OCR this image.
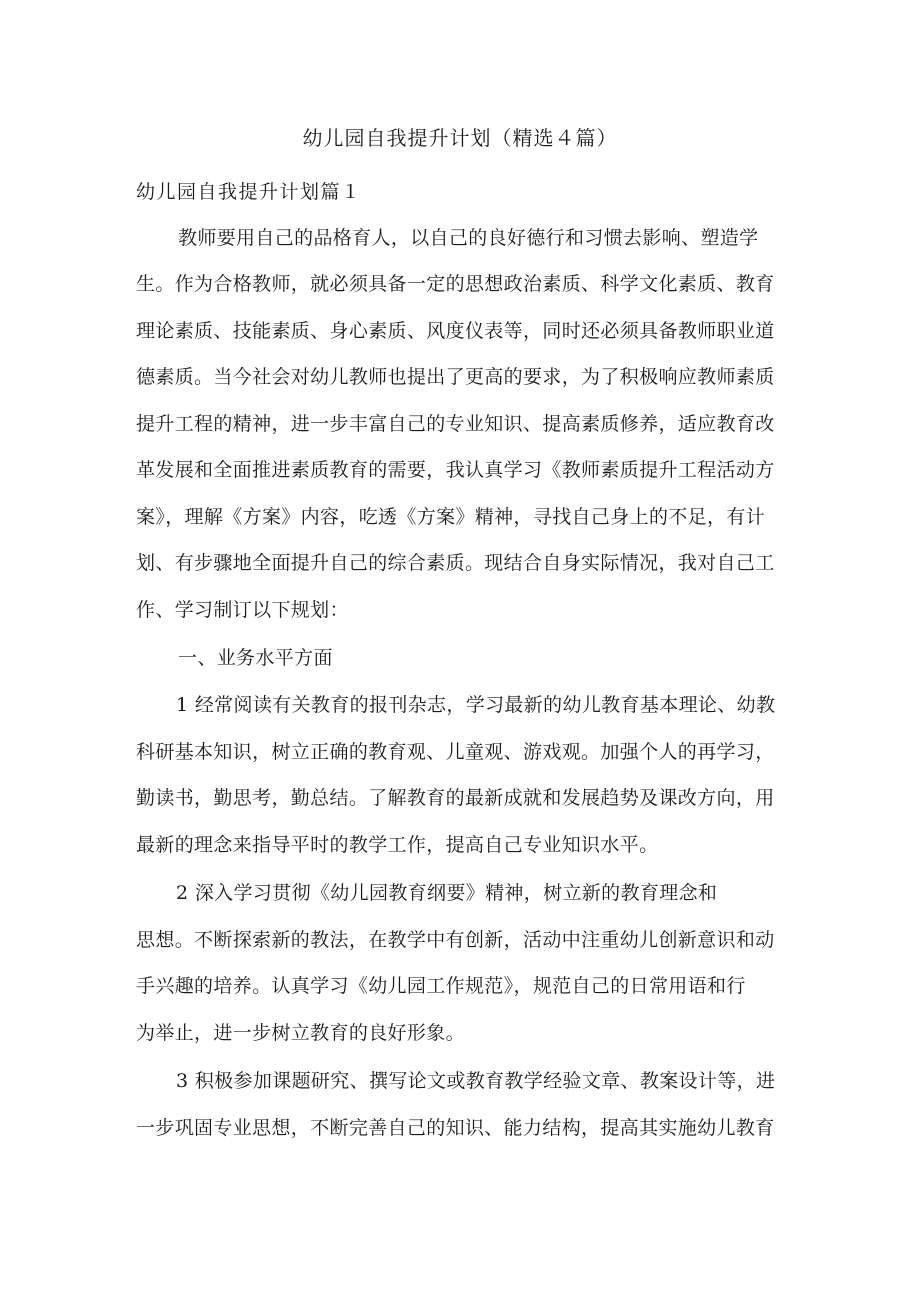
幼儿园自我提升计划（精选４篇）
幼儿园自我提升计划篇１
教师要用自己的品格育人，以自己的良好德行和习惯去影响、塑造学
生。作为合格教师，就必须具备一定的思想政治素质、科学文化素质、教育
理论素质、技能素质、身心素质、风度仪表等，同时还必须具备教师职业道
德素质。当今社会对幼儿教师也提出了更高的要求，为了积极响应教师素质
提升工程的精神，进一步丰富自己的专业知识、提高素质修养，适应教育改
革发展和全面推进素质教育的需要，我认真学习《教师素质提升工程活动方
案》，理解《方案》内容，吃透《方案》精神，寻找自己身上的不足，有计
划、有步骤地全面提升自己的综合素质。现结合自身实际情况，我对自己工
作、学习制订以下规划：
一、业务水平方面
1 经常阅读有关教育的报刊杂志，学习最新的幼儿教育基本理论、幼教
科研基本知识，树立正确的教育观、儿童观、游戏观。加强个人的再学习，
勤读书，勤思考，勤总结。了解教育的最新成就和发展趋势及课改方向，用
最新的理念来指导平时的教学工作，提高自己专业知识水平。
2 深入学习贯彻《幼儿园教育纲要》精神，树立新的教育理念和
思想。不断探索新的教法，在教学中有创新，活动中注重幼儿创新意识和动
手兴趣的培养。认真学习《幼儿园工作规范》，规范自己的日常用语和行
为举止，进一步树立教育的良好形象。
3 积极参加课题研究、撰写论文或教育教学经验文章、教案设计等，进
一步巩固专业思想，不断完善自己的知识、能力结构，提高其实施幼儿教育
